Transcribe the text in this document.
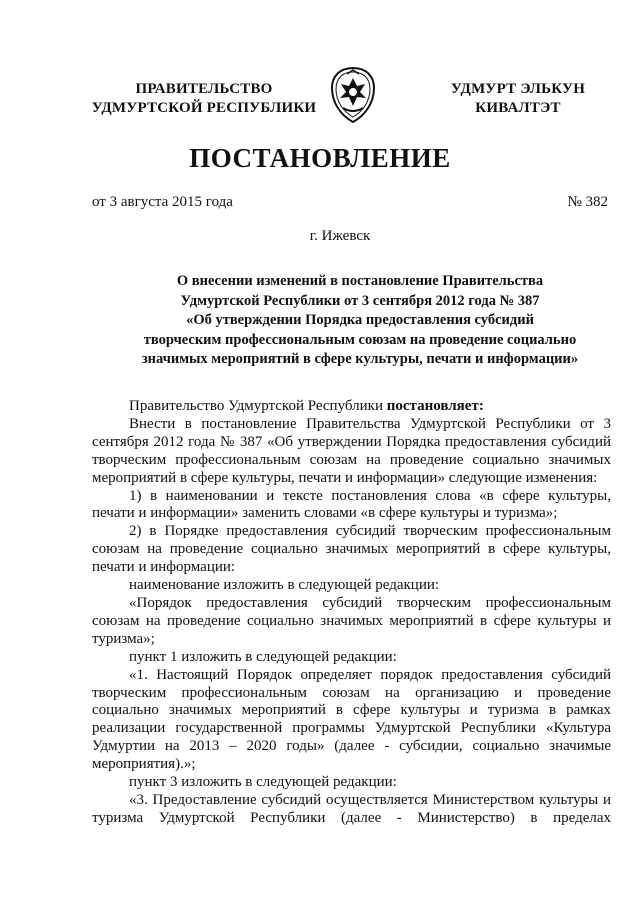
ПРАВИТЕЛЬСТВО
УДМУРТСКОЙ РЕСПУБЛИКИ
УДМУРТ ЭЛЬКУН
КИВАЛТЭТ
ПОСТАНОВЛЕНИЕ
от 3 августа 2015 года	№ 382
г. Ижевск
О внесении изменений в постановление Правительства
Удмуртской Республики от 3 сентября 2012 года № 387
«Об утверждении Порядка предоставления субсидий
творческим профессиональным союзам на проведение социально
значимых мероприятий в сфере культуры, печати и информации»

Правительство Удмуртской Республики постановляет:

Внести в постановление Правительства Удмуртской Республики от 3 сентября 2012 года № 387 «Об утверждении Порядка предоставления субсидий творческим профессиональным союзам на проведение социально значимых мероприятий в сфере культуры, печати и информации» следующие изменения:

1) в наименовании и тексте постановления слова «в сфере культуры, печати и информации» заменить словами «в сфере культуры и туризма»;

2) в Порядке предоставления субсидий творческим профессиональным союзам на проведение социально значимых мероприятий в сфере культуры, печати и информации:

наименование изложить в следующей редакции:

«Порядок предоставления субсидий творческим профессиональным союзам на проведение социально значимых мероприятий в сфере культуры и туризма»;

пункт 1 изложить в следующей редакции:

«1. Настоящий Порядок определяет порядок предоставления субсидий творческим профессиональным союзам на организацию и проведение социально значимых мероприятий в сфере культуры и туризма в рамках реализации государственной программы Удмуртской Республики «Культура Удмуртии на 2013 – 2020 годы» (далее - субсидии, социально значимые мероприятия).»;

пункт 3 изложить в следующей редакции:

«3. Предоставление субсидий осуществляется Министерством культуры и туризма Удмуртской Республики (далее - Министерство) в пределах
